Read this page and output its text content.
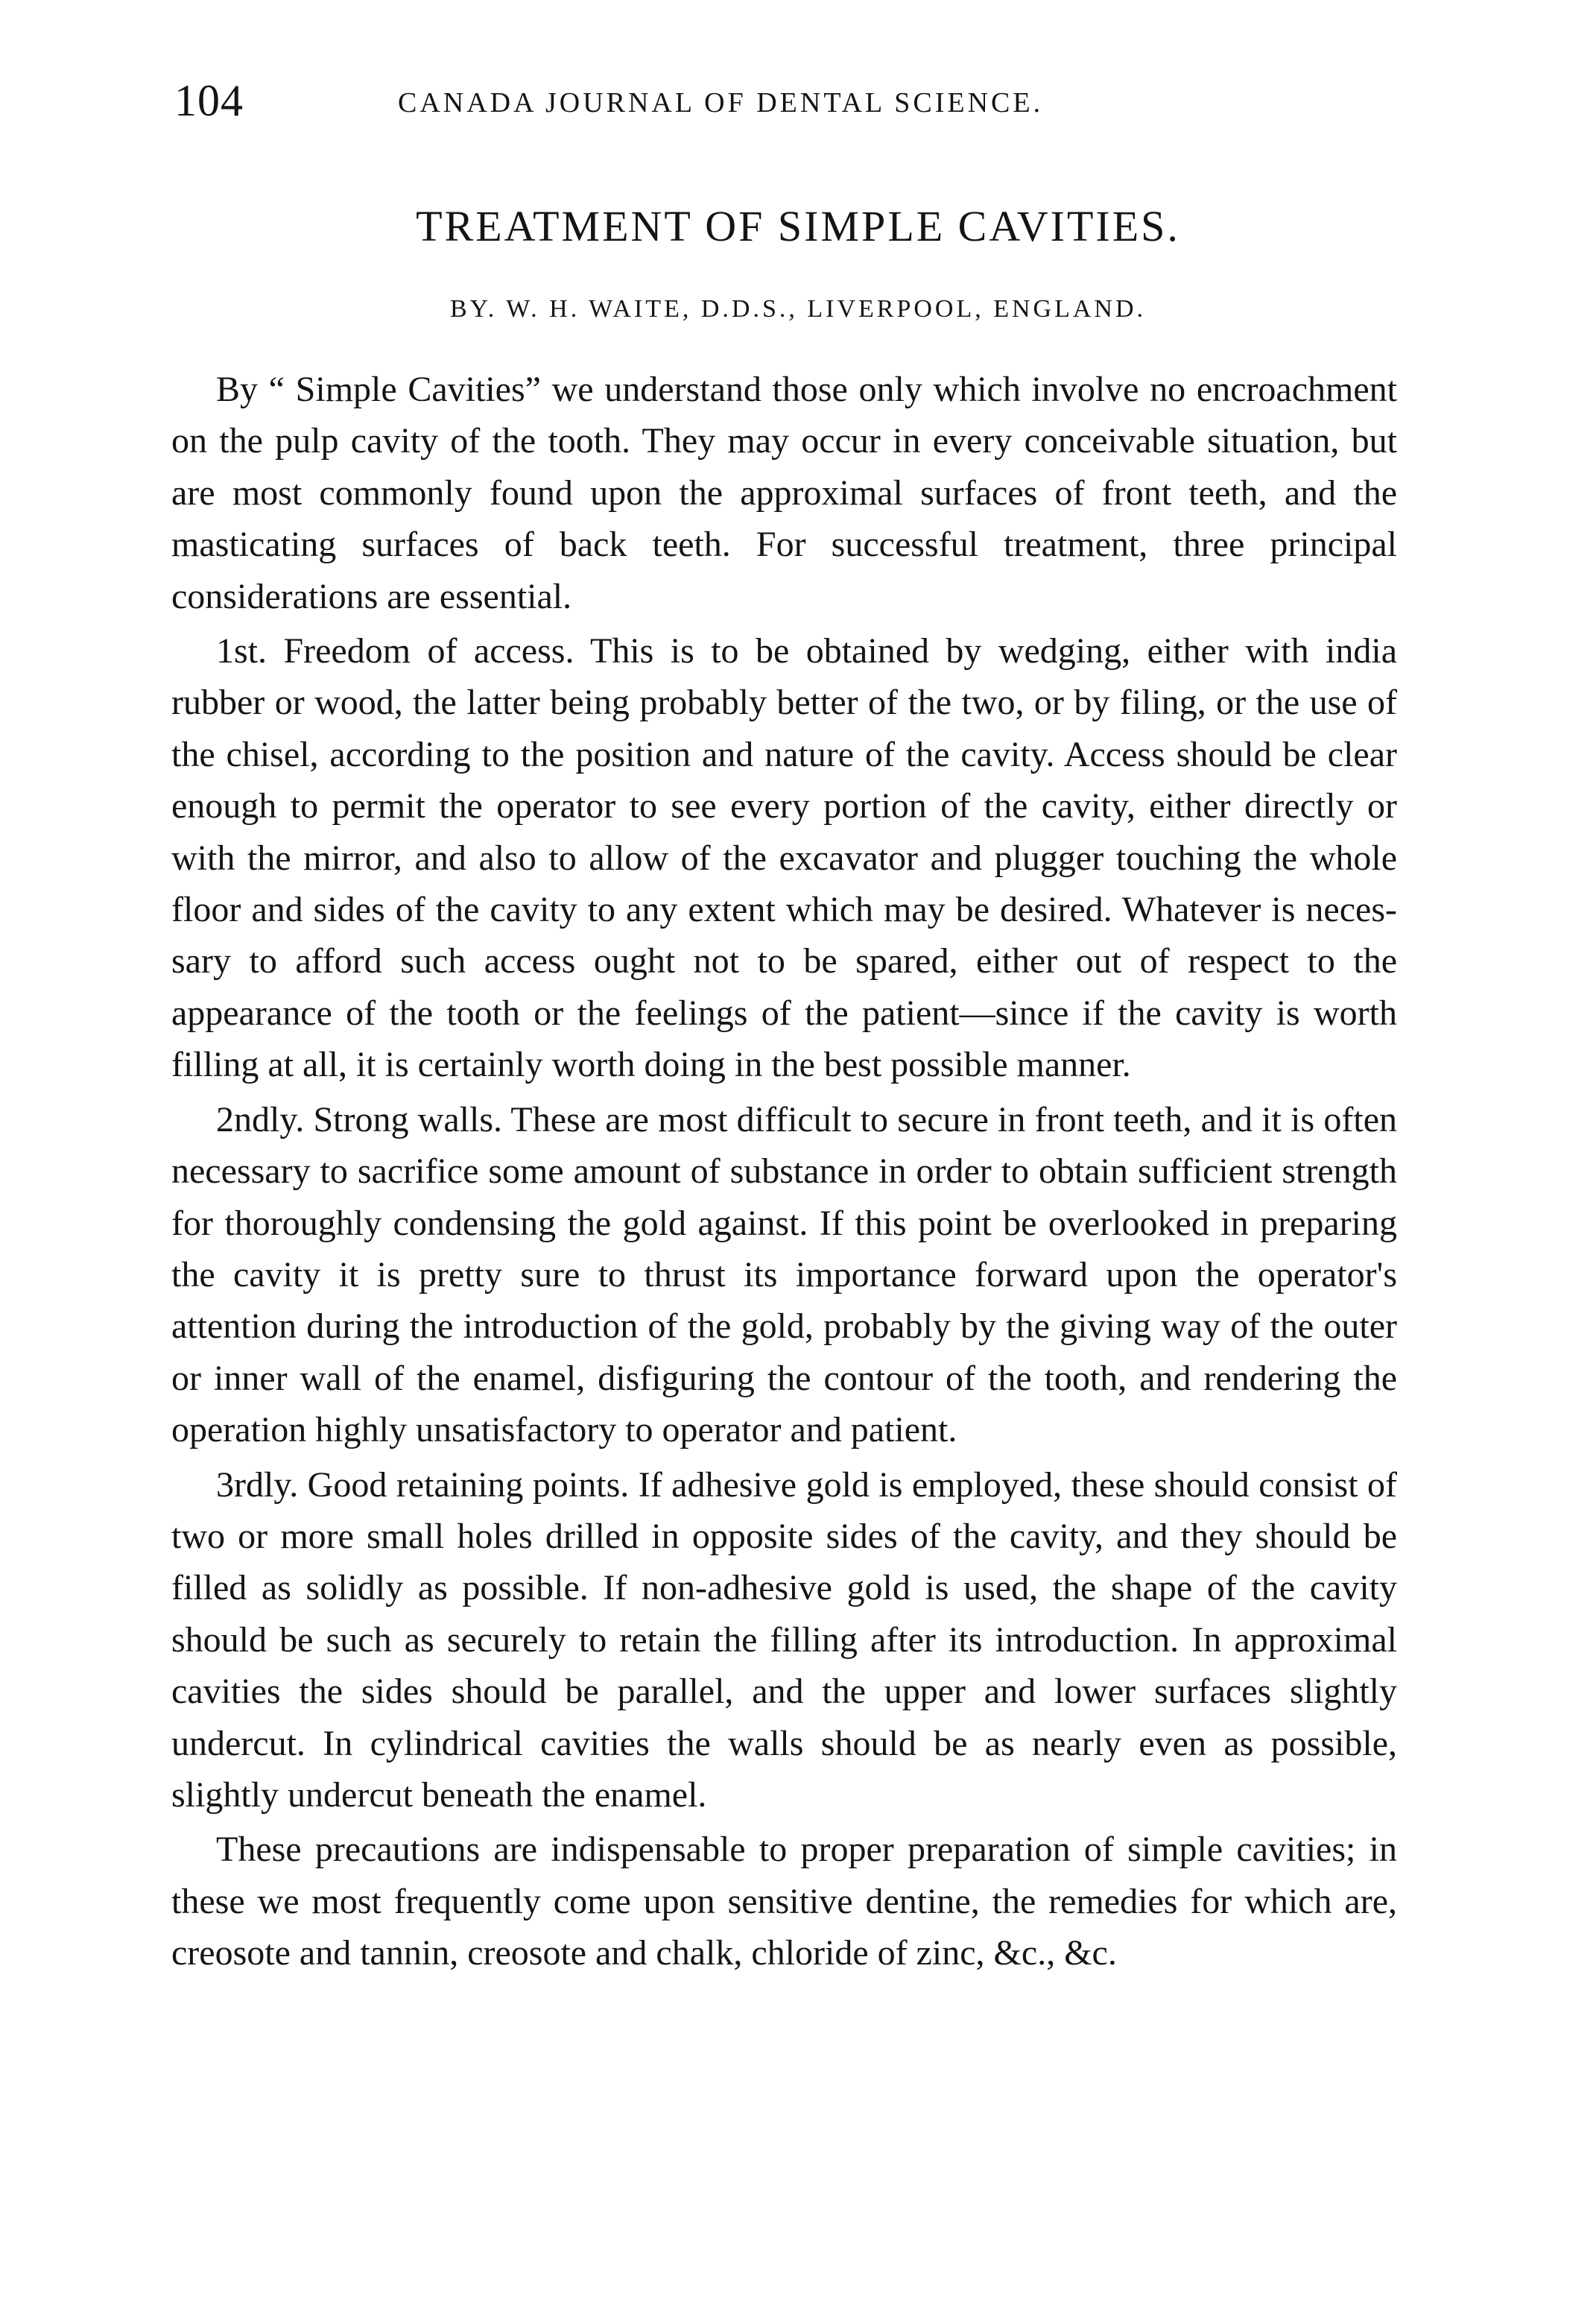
104	CANADA JOURNAL OF DENTAL SCIENCE.
TREATMENT OF SIMPLE CAVITIES.
BY. W. H. WAITE, D.D.S., LIVERPOOL, ENGLAND.

By “ Simple Cavities” we understand those only which involve no encroachment on the pulp cavity of the tooth. They may occur in every conceivable situation, but are most commonly found upon the approximal surfaces of front teeth, and the masticating surfaces of back teeth. For successful treatment, three principal considerations are essential.

1st. Freedom of access. This is to be obtained by wedging, either with india rubber or wood, the latter being probably better of the two, or by filing, or the use of the chisel, according to the position and nature of the cavity. Access should be clear enough to permit the operator to see every portion of the cavity, either directly or with the mirror, and also to allow of the excavator and plugger touching the whole floor and sides of the cavity to any extent which may be desired. Whatever is necessary to afford such access ought not to be spared, either out of respect to the appearance of the tooth or the feelings of the patient—since if the cavity is worth filling at all, it is certainly worth doing in the best possible manner.

2ndly. Strong walls. These are most difficult to secure in front teeth, and it is often necessary to sacrifice some amount of substance in order to obtain sufficient strength for thoroughly condensing the gold against. If this point be overlooked in preparing the cavity it is pretty sure to thrust its importance forward upon the operator's attention during the introduction of the gold, probably by the giving way of the outer or inner wall of the enamel, disfiguring the contour of the tooth, and rendering the operation highly unsatisfactory to operator and patient.

3rdly. Good retaining points. If adhesive gold is employed, these should consist of two or more small holes drilled in opposite sides of the cavity, and they should be filled as solidly as possible. If non-adhesive gold is used, the shape of the cavity should be such as securely to retain the filling after its introduction. In approximal cavities the sides should be parallel, and the upper and lower surfaces slightly undercut. In cylindrical cavities the walls should be as nearly even as possible, slightly undercut beneath the enamel.

These precautions are indispensable to proper preparation of simple cavities; in these we most frequently come upon sensitive dentine, the remedies for which are, creosote and tannin, creosote and chalk, chloride of zinc, &c., &c.
